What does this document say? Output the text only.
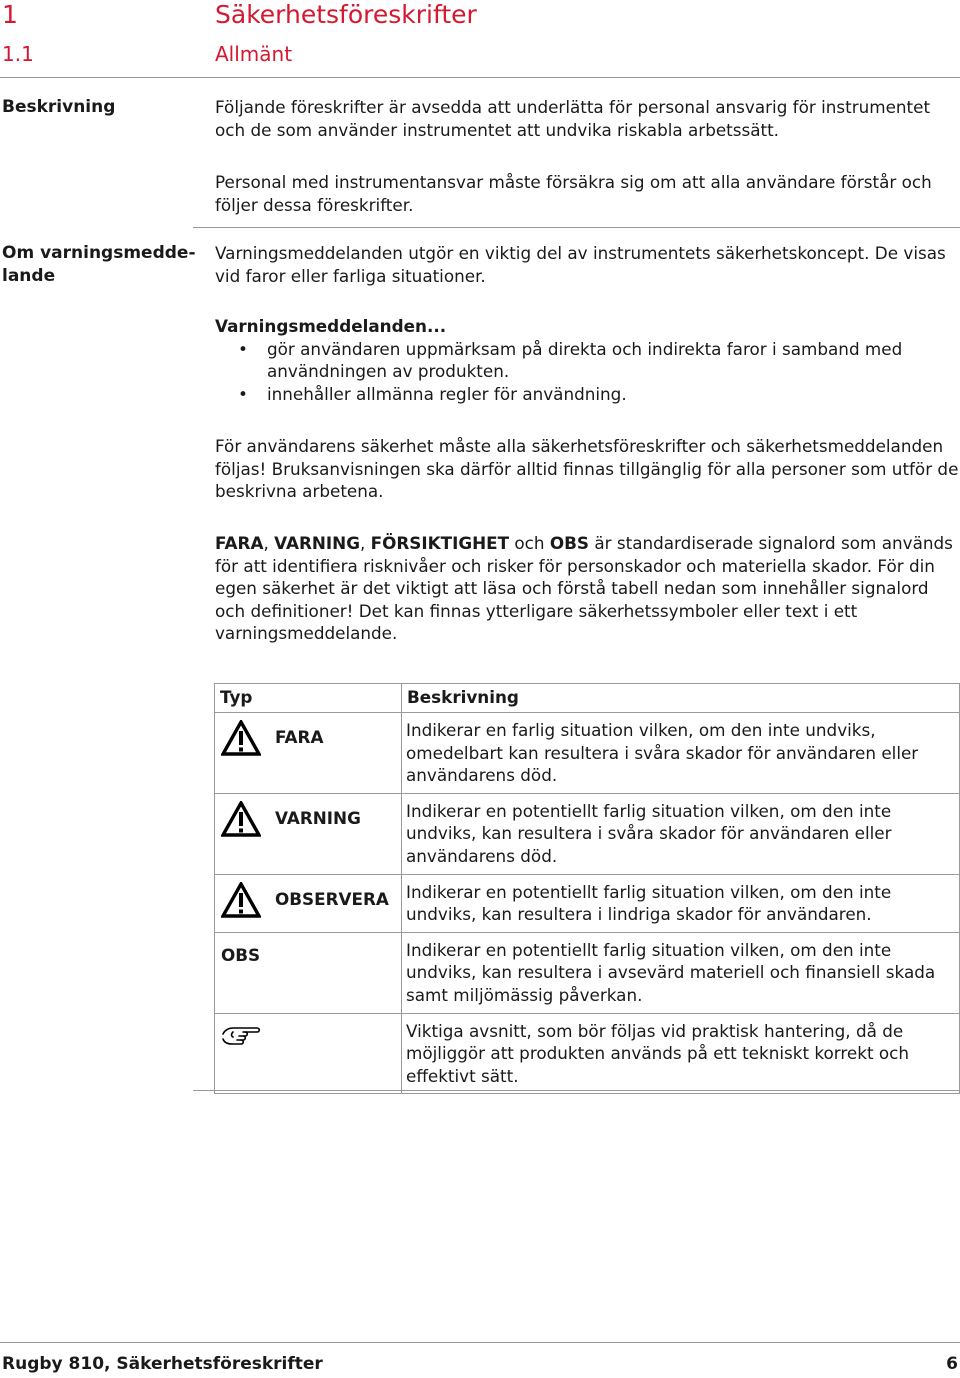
1	Säkerhetsföreskrifter
1.1	Allmänt
Beskrivning	Följande föreskrifter är avsedda att underlätta för personal ansvarig för instrumentet och de som använder instrumentet att undvika riskabla arbetssätt.
Personal med instrumentansvar måste försäkra sig om att alla användare förstår och följer dessa föreskrifter.
Om varningsmedde-
lande
Varningsmeddelanden utgör en viktig del av instrumentets säkerhetskoncept. De visas vid faror eller farliga situationer.

Varningsmeddelanden...

• gör användaren uppmärksam på direkta och indirekta faror i samband med användningen av produkten.
• innehåller allmänna regler för användning.
För användarens säkerhet måste alla säkerhetsföreskrifter och säkerhetsmeddelanden följas! Bruksanvisningen ska därför alltid finnas tillgänglig för alla personer som utför de beskrivna arbetena.
FARA, VARNING, FÖRSIKTIGHET och OBS är standardiserade signalord som används för att identifiera risknivåer och risker för personskador och materiella skador. För din egen säkerhet är det viktigt att läsa och förstå tabell nedan som innehåller signalord och definitioner! Det kan finnas ytterligare säkerhetssymboler eller text i ett varningsmeddelande.
Typ	Beskrivning

FARA	Indikerar en farlig situation vilken, om den inte undviks, omedelbart kan resultera i svåra skador för användaren eller användarens död.

VARNING	Indikerar en potentiellt farlig situation vilken, om den inte undviks, kan resultera i svåra skador för användaren eller användarens död.

OBSERVERA	Indikerar en potentiellt farlig situation vilken, om den inte undviks, kan resultera i lindriga skador för användaren.

OBS	Indikerar en potentiellt farlig situation vilken, om den inte undviks, kan resultera i avsevärd materiell och finansiell skada samt miljömässig påverkan.

	Viktiga avsnitt, som bör följas vid praktisk hantering, då de möjliggör att produkten används på ett tekniskt korrekt och effektivt sätt.
Rugby 810, Säkerhetsföreskrifter	6
